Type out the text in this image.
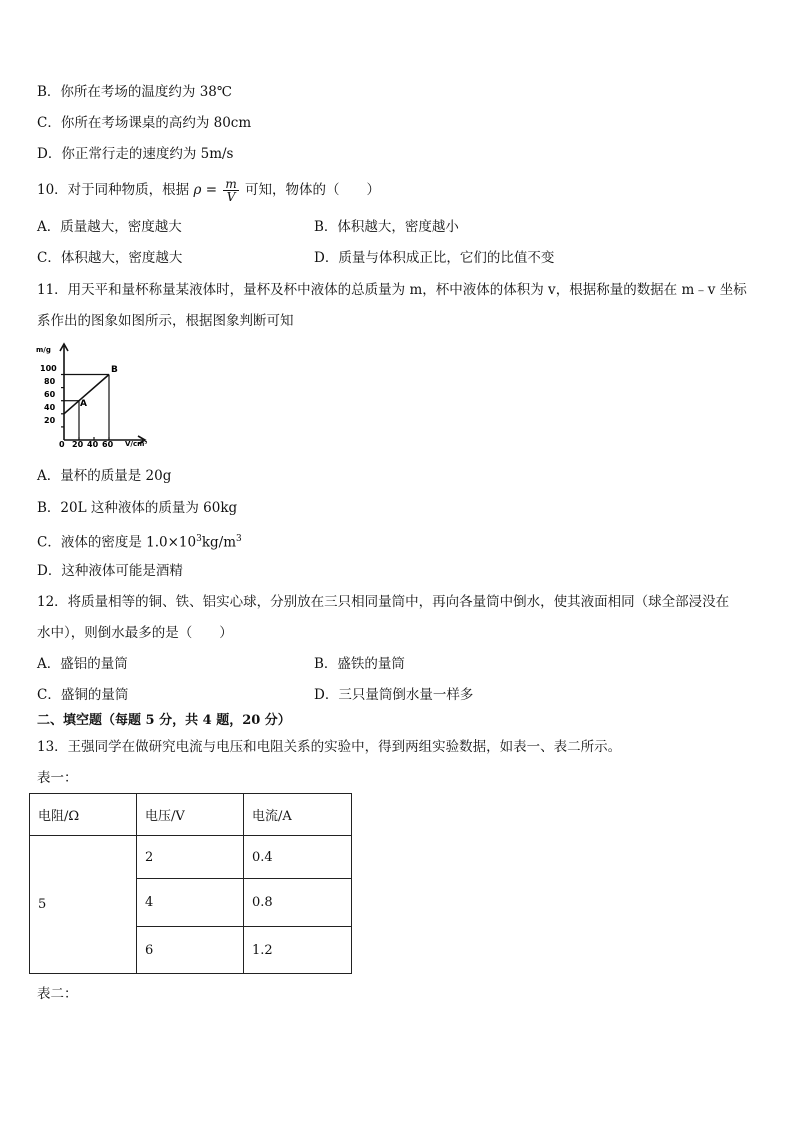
B．你所在考场的温度约为 38℃
C．你所在考场课桌的高约为 80cm
D．你正常行走的速度约为 5m/s
10．对于同种物质，根据 $\rho = \frac{m}{V}$ 可知，物体的（　　）
A．质量越大，密度越大	B．体积越大，密度越小
C．体积越大，密度越大	D．质量与体积成正比，它们的比值不变
11．用天平和量杯称量某液体时，量杯及杯中液体的总质量为 m，杯中液体的体积为 v，根据称量的数据在 m﹣v 坐标
系作出的图象如图所示，根据图象判断可知
m/g
V/cm³
100
80
60
40
20
0 20 40 60
A
B
A．量杯的质量是 20g
B．20L 这种液体的质量为 60kg
C．液体的密度是 $1.0\times 10^3kg/m^3$
D．这种液体可能是酒精
12．将质量相等的铜、铁、铝实心球，分别放在三只相同量筒中，再向各量筒中倒水，使其液面相同（球全部浸没在
水中），则倒水最多的是（　　）
A．盛铝的量筒	B．盛铁的量筒
C．盛铜的量筒	D．三只量筒倒水量一样多
二、填空题（每题 5 分，共 4 题，20 分）
13．王强同学在做研究电流与电压和电阻关系的实验中，得到两组实验数据，如表一、表二所示。
表一：
电阻/Ω	电压/V	电流/A
5	2	0.4
	4	0.8
	6	1.2
表二：
